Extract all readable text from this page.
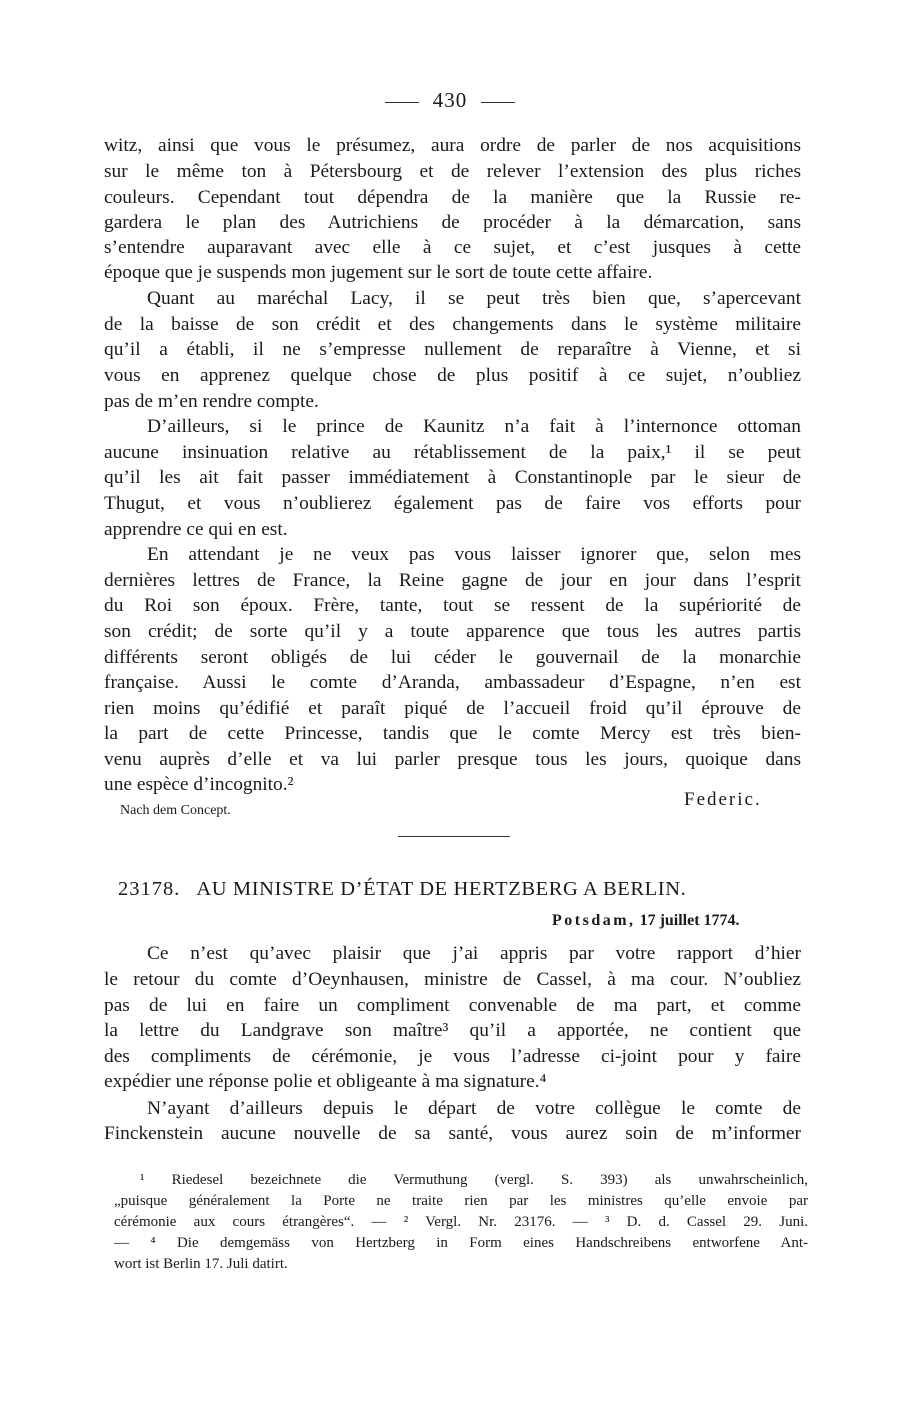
430
witz, ainsi que vous le présumez, aura ordre de parler de nos acquisitions
sur le même ton à Pétersbourg et de relever l’extension des plus riches
couleurs. Cependant tout dépendra de la manière que la Russie re-
gardera le plan des Autrichiens de procéder à la démarcation, sans
s’entendre auparavant avec elle à ce sujet, et c’est jusques à cette
époque que je suspends mon jugement sur le sort de toute cette affaire.
Quant au maréchal Lacy, il se peut très bien que, s’apercevant
de la baisse de son crédit et des changements dans le système militaire
qu’il a établi, il ne s’empresse nullement de reparaître à Vienne, et si
vous en apprenez quelque chose de plus positif à ce sujet, n’oubliez
pas de m’en rendre compte.
D’ailleurs, si le prince de Kaunitz n’a fait à l’internonce ottoman
aucune insinuation relative au rétablissement de la paix,¹ il se peut
qu’il les ait fait passer immédiatement à Constantinople par le sieur de
Thugut, et vous n’oublierez également pas de faire vos efforts pour
apprendre ce qui en est.
En attendant je ne veux pas vous laisser ignorer que, selon mes
dernières lettres de France, la Reine gagne de jour en jour dans l’esprit
du Roi son époux. Frère, tante, tout se ressent de la supériorité de
son crédit; de sorte qu’il y a toute apparence que tous les autres partis
différents seront obligés de lui céder le gouvernail de la monarchie
française. Aussi le comte d’Aranda, ambassadeur d’Espagne, n’en est
rien moins qu’édifié et paraît piqué de l’accueil froid qu’il éprouve de
la part de cette Princesse, tandis que le comte Mercy est très bien-
venu auprès d’elle et va lui parler presque tous les jours, quoique dans
une espèce d’incognito.²
Federic.
Nach dem Concept.
23178. AU MINISTRE D’ÉTAT DE HERTZBERG A BERLIN.
Potsdam, 17 juillet 1774.
Ce n’est qu’avec plaisir que j’ai appris par votre rapport d’hier
le retour du comte d’Oeynhausen, ministre de Cassel, à ma cour. N’oubliez
pas de lui en faire un compliment convenable de ma part, et comme
la lettre du Landgrave son maître³ qu’il a apportée, ne contient que
des compliments de cérémonie, je vous l’adresse ci-joint pour y faire
expédier une réponse polie et obligeante à ma signature.⁴
N’ayant d’ailleurs depuis le départ de votre collègue le comte de
Finckenstein aucune nouvelle de sa santé, vous aurez soin de m’informer
¹ Riedesel bezeichnete die Vermuthung (vergl. S. 393) als unwahrscheinlich,
„puisque généralement la Porte ne traite rien par les ministres qu’elle envoie par
cérémonie aux cours étrangères“. — ² Vergl. Nr. 23176. — ³ D. d. Cassel 29. Juni.
— ⁴ Die demgemäss von Hertzberg in Form eines Handschreibens entworfene Ant-
wort ist Berlin 17. Juli datirt.
